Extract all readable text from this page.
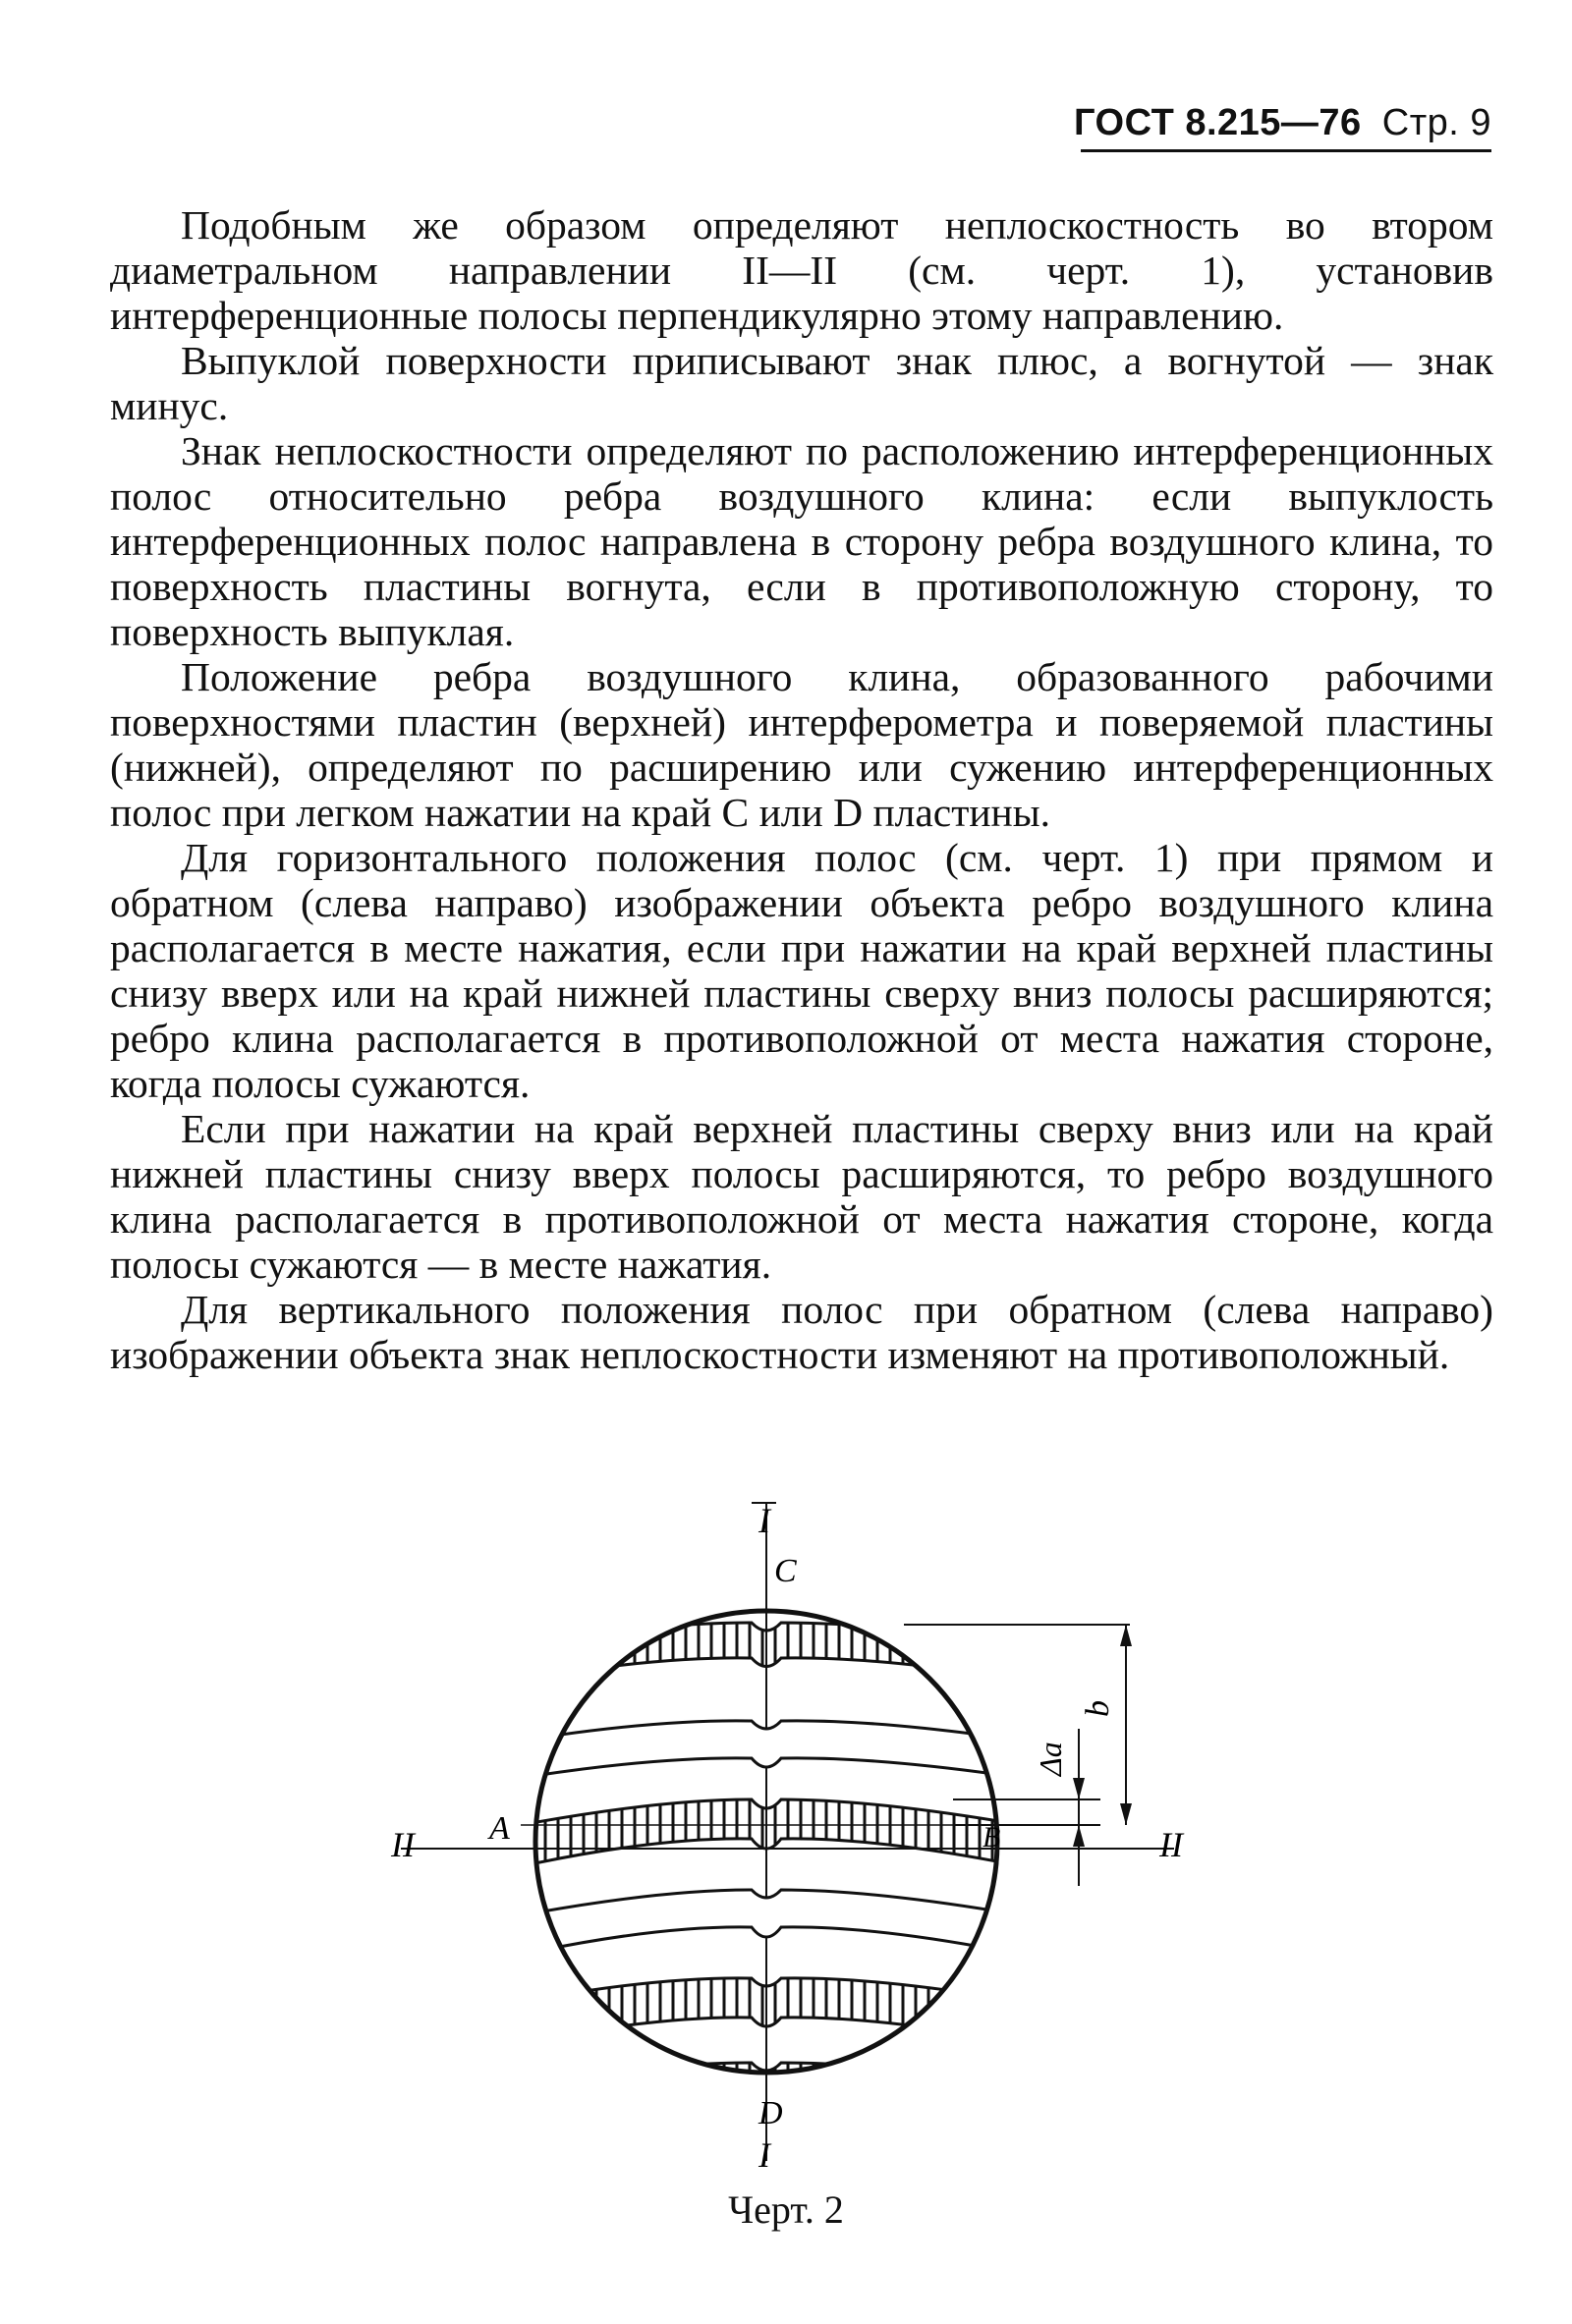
ГОСТ 8.215—76 Стр. 9

Подобным же образом определяют неплоскостность во втором диаметральном направлении II—II (см. черт. 1), установив интерференционные полосы перпендикулярно этому направлению.

Выпуклой поверхности приписывают знак плюс, а вогнутой — знак минус.

Знак неплоскостности определяют по расположению интерференционных полос относительно ребра воздушного клина: если выпуклость интерференционных полос направлена в сторону ребра воздушного клина, то поверхность пластины вогнута, если в противоположную сторону, то поверхность выпуклая.

Положение ребра воздушного клина, образованного рабочими поверхностями пластин (верхней) интерферометра и поверяемой пластины (нижней), определяют по расширению или сужению интерференционных полос при легком нажатии на край C или D пластины.

Для горизонтального положения полос (см. черт. 1) при прямом и обратном (слева направо) изображении объекта ребро воздушного клина располагается в месте нажатия, если при нажатии на край верхней пластины снизу вверх или на край нижней пластины сверху вниз полосы расширяются; ребро клина располагается в противоположной от места нажатия стороне, когда полосы сужаются.

Если при нажатии на край верхней пластины сверху вниз или на край нижней пластины снизу вверх полосы расширяются, то ребро воздушного клина располагается в противоположной от места нажатия стороне, когда полосы сужаются — в месте нажатия.

Для вертикального положения полос при обратном (слева направо) изображении объекта знак неплоскостности изменяют на противоположный.

I
C
D
I
A	B
II	II
Δa
b
Черт. 2
